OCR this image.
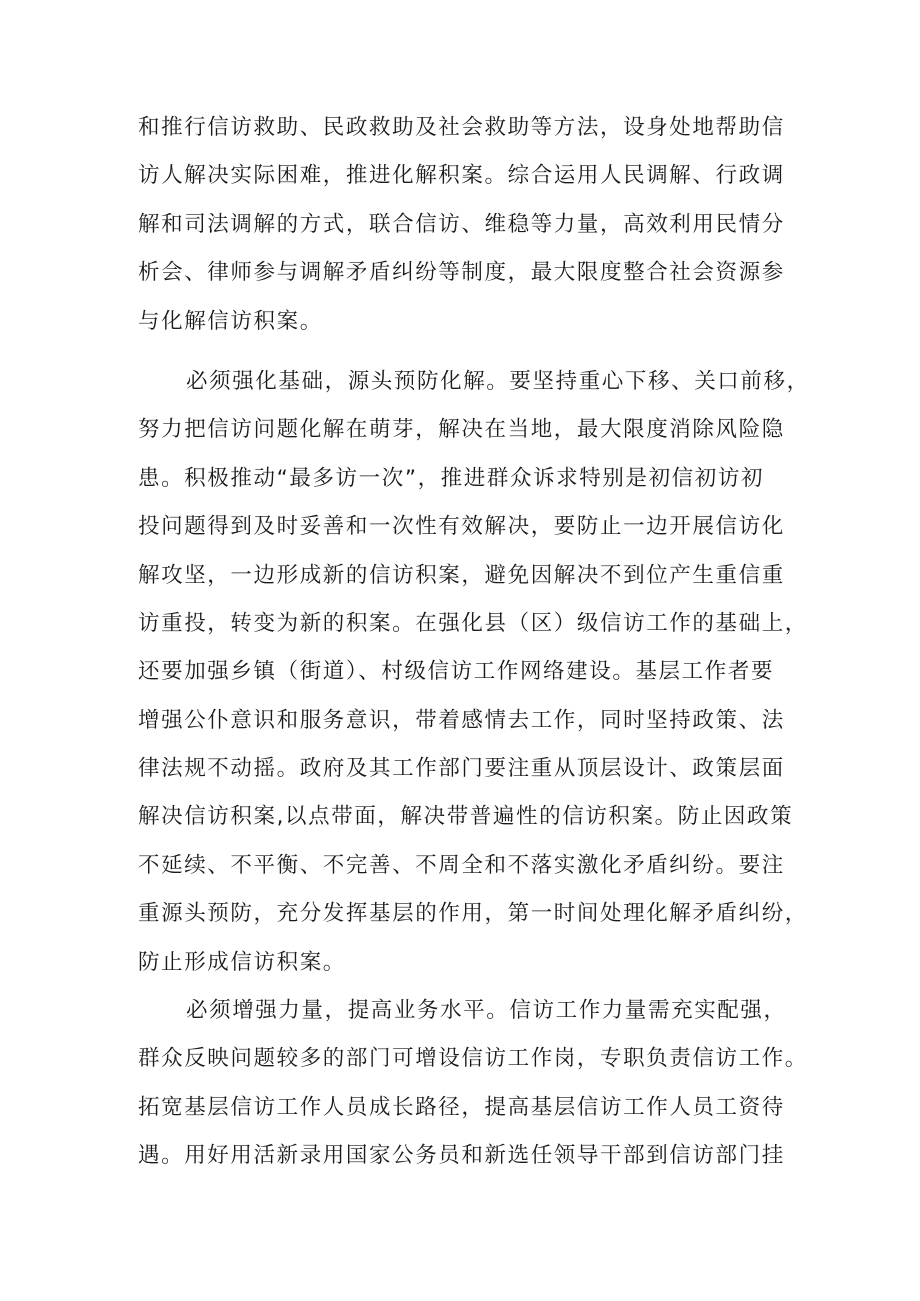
和推行信访救助、民政救助及社会救助等方法，设身处地帮助信
访人解决实际困难，推进化解积案。综合运用人民调解、行政调
解和司法调解的方式，联合信访、维稳等力量，高效利用民情分
析会、律师参与调解矛盾纠纷等制度，最大限度整合社会资源参
与化解信访积案。
必须强化基础，源头预防化解。要坚持重心下移、关口前移，
努力把信访问题化解在萌芽，解决在当地，最大限度消除风险隐
患。积极推动“最多访一次”，推进群众诉求特别是初信初访初
投问题得到及时妥善和一次性有效解决，要防止一边开展信访化
解攻坚，一边形成新的信访积案，避免因解决不到位产生重信重
访重投，转变为新的积案。在强化县（区）级信访工作的基础上，
还要加强乡镇（街道）、村级信访工作网络建设。基层工作者要
增强公仆意识和服务意识，带着感情去工作，同时坚持政策、法
律法规不动摇。政府及其工作部门要注重从顶层设计、政策层面
解决信访积案,以点带面，解决带普遍性的信访积案。防止因政策
不延续、不平衡、不完善、不周全和不落实激化矛盾纠纷。要注
重源头预防，充分发挥基层的作用，第一时间处理化解矛盾纠纷，
防止形成信访积案。
必须增强力量，提高业务水平。信访工作力量需充实配强，
群众反映问题较多的部门可增设信访工作岗，专职负责信访工作。
拓宽基层信访工作人员成长路径，提高基层信访工作人员工资待
遇。用好用活新录用国家公务员和新选任领导干部到信访部门挂
